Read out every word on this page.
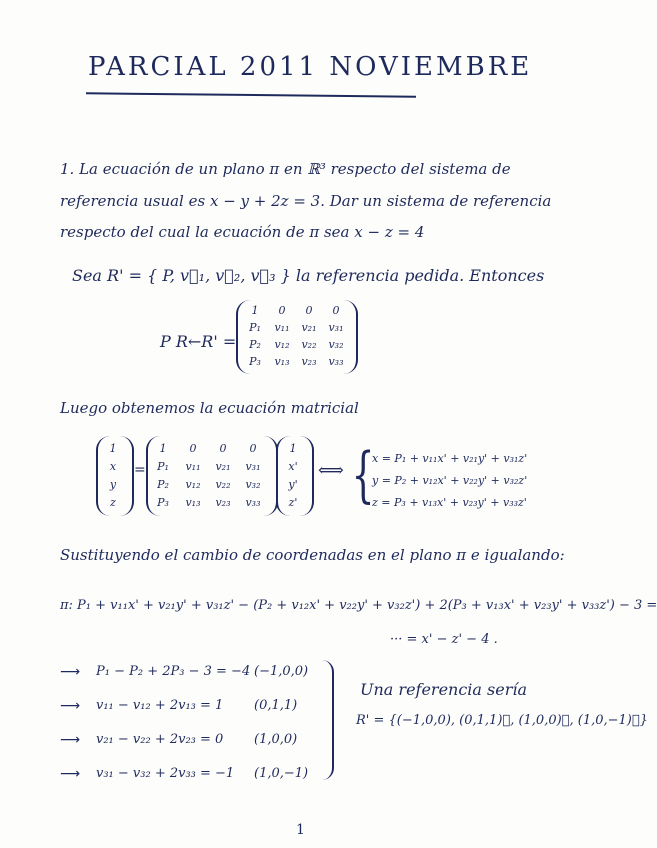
PARCIAL 2011 NOVIEMBRE
1. La ecuación de un plano π en ℝ³ respecto del sistema de
referencia usual es x − y + 2z = 3. Dar un sistema de referencia
respecto del cual la ecuación de π sea x − z = 4
Sea R' = { P, v⃗₁, v⃗₂, v⃗₃ } la referencia pedida. Entonces
P R←R' =
1	0	0	0
P₁	v₁₁	v₂₁	v₃₁
P₂	v₁₂	v₂₂	v₃₂
P₃	v₁₃	v₂₃	v₃₃
Luego obtenemos la ecuación matricial
1
x
y
z
=
1	0	0	0
P₁	v₁₁	v₂₁	v₃₁
P₂	v₁₂	v₂₂	v₃₂
P₃	v₁₃	v₂₃	v₃₃
1
x'
y'
z'
⟺ {
x = P₁ + v₁₁x' + v₂₁y' + v₃₁z'
y = P₂ + v₁₂x' + v₂₂y' + v₃₂z'
z = P₃ + v₁₃x' + v₂₃y' + v₃₃z'
Sustituyendo el cambio de coordenadas en el plano π e igualando:
π: P₁ + v₁₁x' + v₂₁y' + v₃₁z' − (P₂ + v₁₂x' + v₂₂y' + v₃₂z') + 2(P₃ + v₁₃x' + v₂₃y' + v₃₃z') − 3 =
··· = x' − z' − 4 .
⟶ P₁ − P₂ + 2P₃ − 3 = −4 (−1,0,0)
⟶ v₁₁ − v₁₂ + 2v₁₃ = 1 (0,1,1)
⟶ v₂₁ − v₂₂ + 2v₂₃ = 0 (1,0,0)
⟶ v₃₁ − v₃₂ + 2v₃₃ = −1 (1,0,−1)
Una referencia sería
R' = {(−1,0,0), (0,1,1)⃗, (1,0,0)⃗, (1,0,−1)⃗}
1
